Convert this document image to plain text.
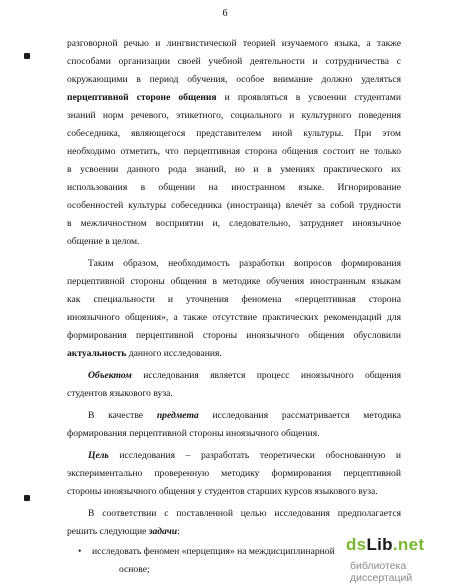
6
разговорной речью и лингвистической теорией изучаемого языка, а также
способами организации своей учебной деятельности и сотрудничества с
окружающими в период обучения, особое внимание должно уделяться
перцептивной стороне общения и проявляться в усвоении студентами
знаний норм речевого, этикетного, социального и культурного поведения
собеседника, являющегося представителем иной культуры. При этом
необходимо отметить, что перцептивная сторона общения состоит не только
в усвоении данного рода знаний, но и в умениях практического их
использования в общении на иностранном языке. Игнорирование
особенностей культуры собеседника (иностранца) влечёт за собой трудности
в межличностном восприятии и, следовательно, затрудняет иноязычное
общение в целом.
Таким образом, необходимость разработки вопросов формирования
перцептивной стороны общения в методике обучения иностранным языкам
как специальности и уточнения феномена «перцептивная сторона
иноязычного общения», а также отсутствие практических рекомендаций для
формирования перцептивной стороны иноязычного общения обусловили
актуальность данного исследования.
Объектом исследования является процесс иноязычного общения
студентов языкового вуза.
В качестве предмета исследования рассматривается методика
формирования перцептивной стороны иноязычного общения.
Цель исследования – разработать теоретически обоснованную и
экспериментально проверенную методику формирования перцептивной
стороны иноязычного общения у студентов старших курсов языкового вуза.
В соответствии с поставленной целью исследования предполагается
решить следующие задачи:
• исследовать феномен «перцепция» на междисциплинарной
основе;
dsLib.net
библиотека диссертаций
